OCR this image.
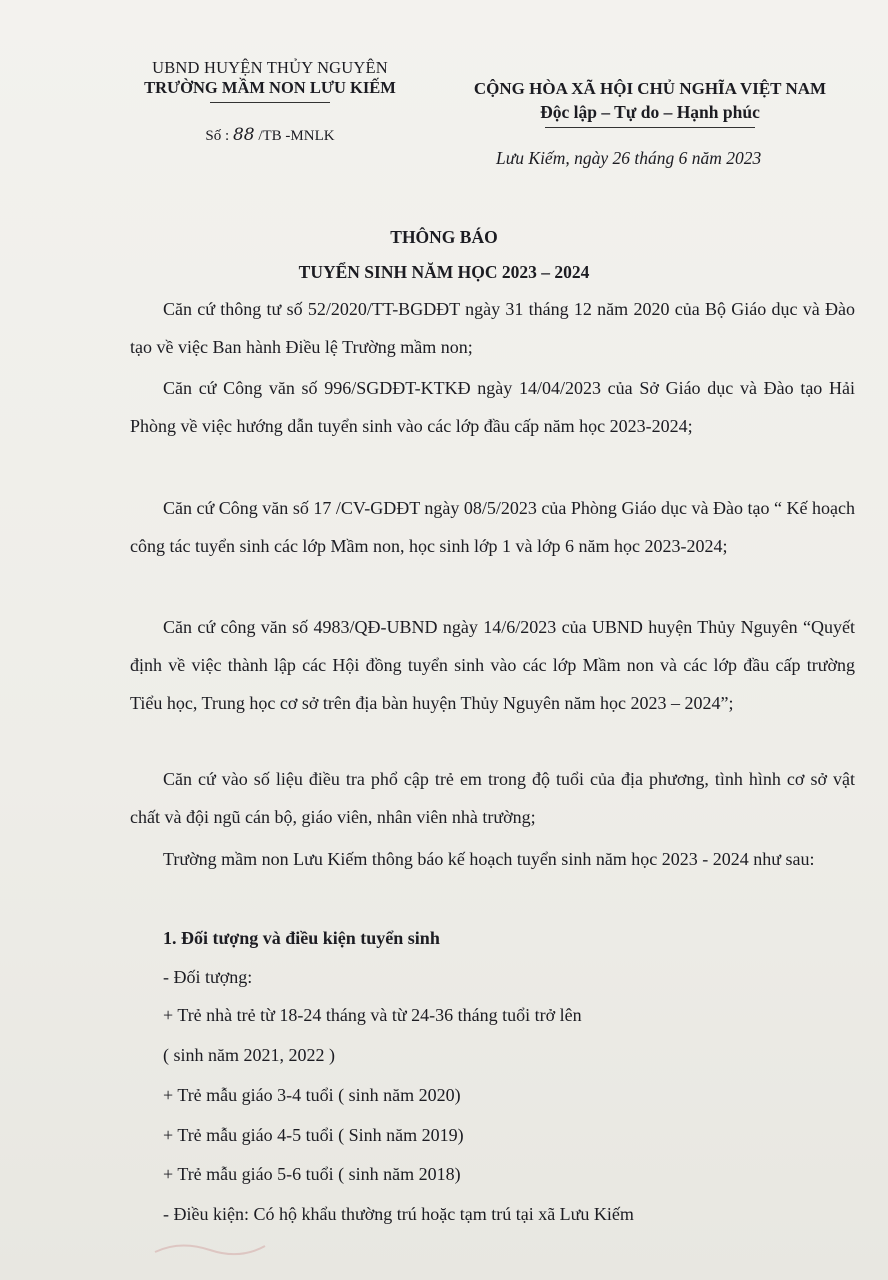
UBND HUYỆN THỦY NGUYÊN
TRƯỜNG MẦM NON LƯU KIẾM
Số : 88 /TB -MNLK
CỘNG HÒA XÃ HỘI CHỦ NGHĨA VIỆT NAM
Độc lập – Tự do – Hạnh phúc
Lưu Kiếm, ngày 26 tháng 6 năm 2023
THÔNG BÁO
TUYỂN SINH NĂM HỌC 2023 – 2024
Căn cứ thông tư số 52/2020/TT-BGDĐT ngày 31 tháng 12 năm 2020 của Bộ Giáo dục và Đào tạo về việc Ban hành Điều lệ Trường mầm non;
Căn cứ Công văn số 996/SGDĐT-KTKĐ ngày 14/04/2023 của Sở Giáo dục và Đào tạo Hải Phòng về việc hướng dẫn tuyển sinh vào các lớp đầu cấp năm học 2023-2024;
Căn cứ Công văn số 17 /CV-GDĐT ngày 08/5/2023 của Phòng Giáo dục và Đào tạo “ Kế hoạch công tác tuyển sinh các lớp Mầm non, học sinh lớp 1 và lớp 6 năm học 2023-2024;
Căn cứ công văn số 4983/QĐ-UBND ngày 14/6/2023 của UBND huyện Thủy Nguyên “Quyết định về việc thành lập các Hội đồng tuyển sinh vào các lớp Mầm non và các lớp đầu cấp trường Tiểu học, Trung học cơ sở trên địa bàn huyện Thủy Nguyên năm học 2023 – 2024”;
Căn cứ vào số liệu điều tra phổ cập trẻ em trong độ tuổi của địa phương, tình hình cơ sở vật chất và đội ngũ cán bộ, giáo viên, nhân viên nhà trường;
Trường mầm non Lưu Kiếm thông báo kế hoạch tuyển sinh năm học 2023 - 2024 như sau:
1. Đối tượng và điều kiện tuyển sinh
- Đối tượng:
+ Trẻ nhà trẻ từ 18-24 tháng và từ 24-36 tháng tuổi trở lên
( sinh năm 2021, 2022 )
+ Trẻ mẫu giáo 3-4 tuổi ( sinh năm 2020)
+ Trẻ mẫu giáo 4-5 tuổi ( Sinh năm 2019)
+ Trẻ mẫu giáo 5-6 tuổi ( sinh năm 2018)
- Điều kiện: Có hộ khẩu thường trú hoặc tạm trú tại xã Lưu Kiếm
